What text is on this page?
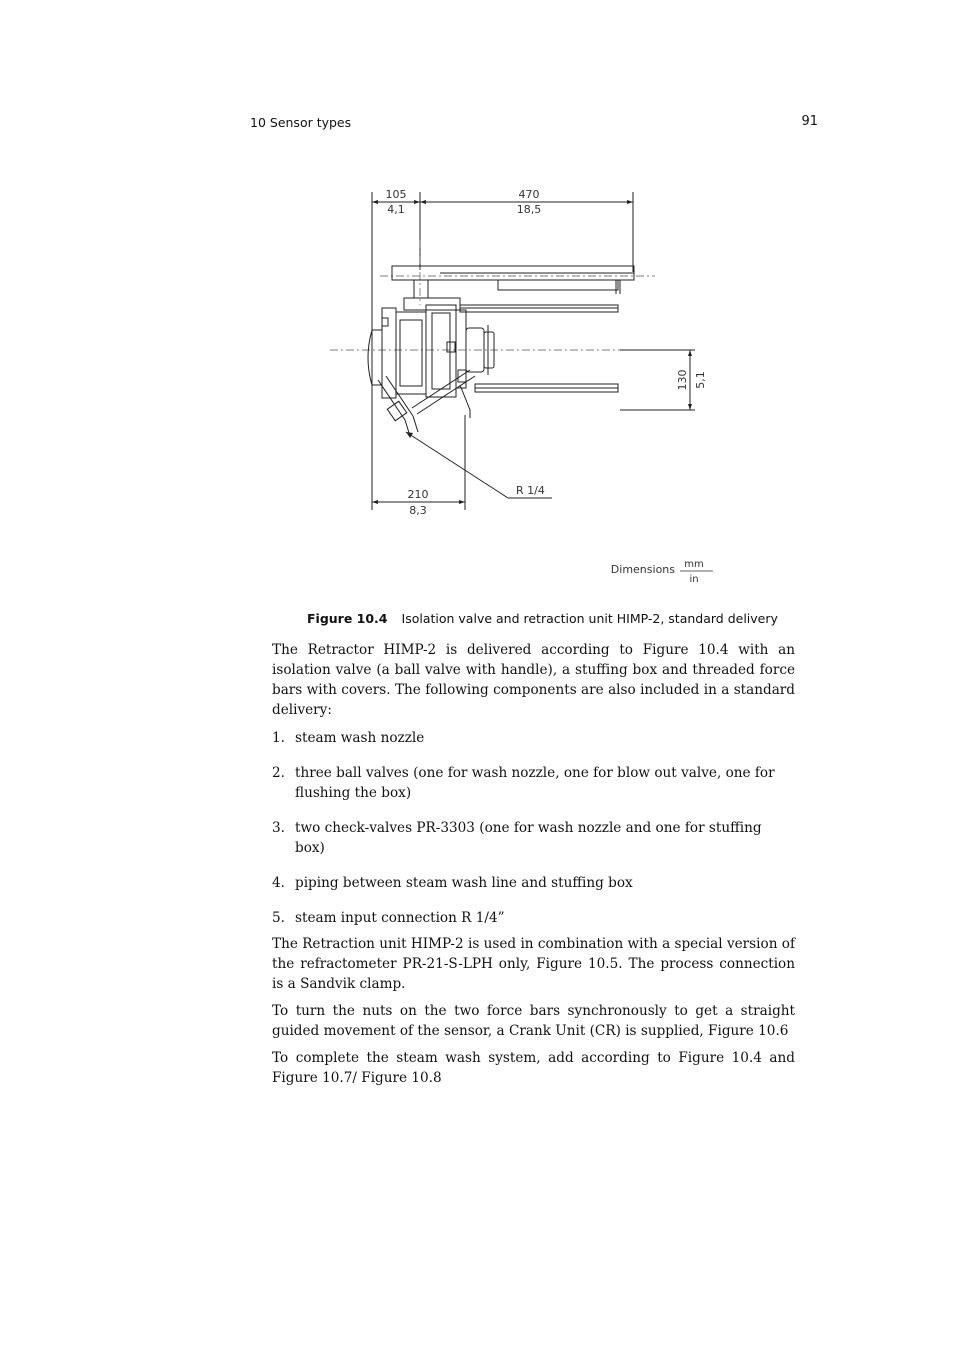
10 Sensor types	91
105
4,1
470
18,5
210
8,3
130 5,1
R 1/4
Dimensions mm
in
Figure 10.4 Isolation valve and retraction unit HIMP-2, standard delivery

The Retractor HIMP-2 is delivered according to Figure 10.4 with an isolation valve (a ball valve with handle), a stuffing box and threaded force bars with covers. The following components are also included in a standard delivery:

1. steam wash nozzle
2. three ball valves (one for wash nozzle, one for blow out valve, one for flushing the box)
3. two check-valves PR-3303 (one for wash nozzle and one for stuffing box)
4. piping between steam wash line and stuffing box
5. steam input connection R 1/4”

The Retraction unit HIMP-2 is used in combination with a special version of the refractometer PR-21-S-LPH only, Figure 10.5. The process connection is a Sandvik clamp.

To turn the nuts on the two force bars synchronously to get a straight guided movement of the sensor, a Crank Unit (CR) is supplied, Figure 10.6

To complete the steam wash system, add according to Figure 10.4 and Figure 10.7/ Figure 10.8
